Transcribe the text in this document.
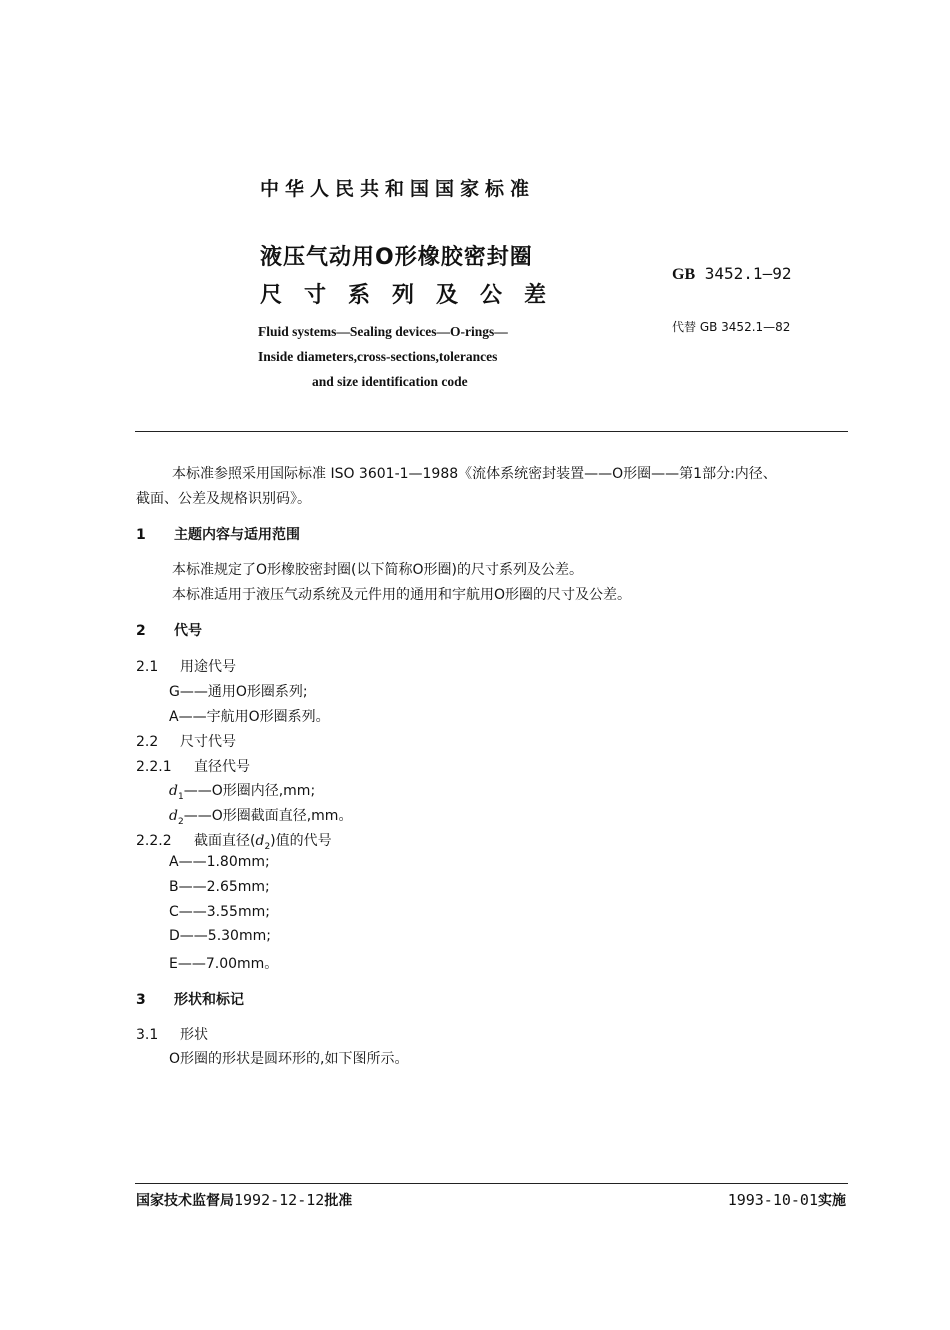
中华人民共和国国家标准
液压气动用O形橡胶密封圈
尺寸系列及公差
Fluid systems—Sealing devices—O-rings—
Inside diameters,cross-sections,tolerances
and size identification code
GB 3452.1—92
代替 GB 3452.1—82
本标准参照采用国际标准 ISO 3601-1—1988《流体系统密封装置——O形圈——第1部分:内径、
截面、公差及规格识别码》。
1 主题内容与适用范围
本标准规定了O形橡胶密封圈(以下简称O形圈)的尺寸系列及公差。
本标准适用于液压气动系统及元件用的通用和宇航用O形圈的尺寸及公差。
2 代号
2.1 用途代号
G——通用O形圈系列;
A——宇航用O形圈系列。
2.2 尺寸代号
2.2.1 直径代号
$d_1——O$形圈内径,mm;
$d_2——O$形圈截面直径,mm。
2.2.2 截面直径$(d_2)$值的代号
A——1.80mm;
B——2.65mm;
C——3.55mm;
D——5.30mm;
E——7.00mm。
3 形状和标记
3.1 形状
O形圈的形状是圆环形的,如下图所示。
国家技术监督局1992-12-12批准	1993-10-01实施
